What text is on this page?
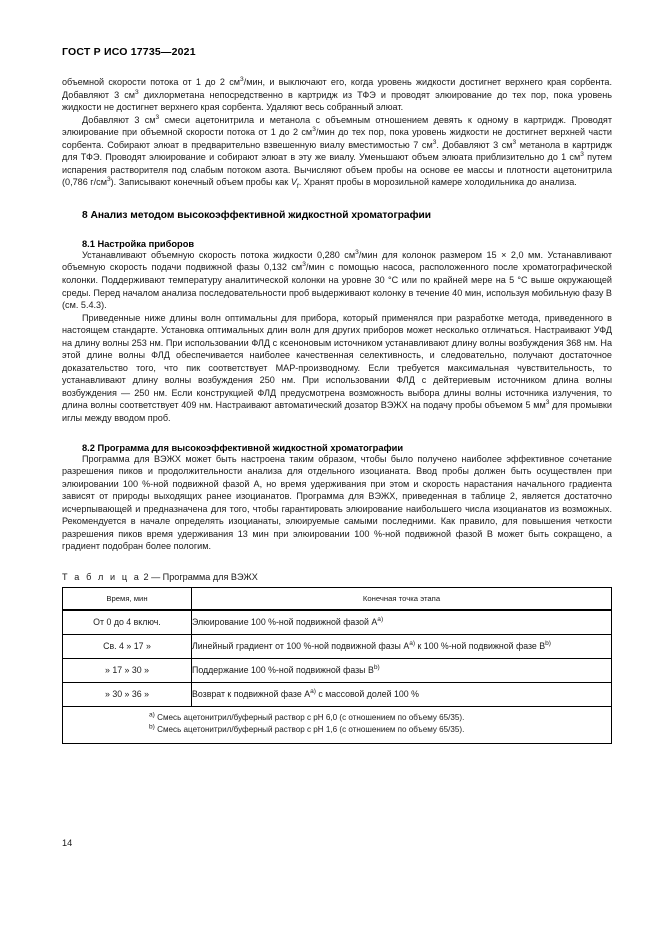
ГОСТ Р ИСО 17735—2021

объемной скорости потока от 1 до 2 $см^3$/мин, и выключают его, когда уровень жидкости достигнет верхнего края сорбента. Добавляют 3 $см^3$ дихлорметана непосредственно в картридж из ТФЭ и проводят элюирование до тех пор, пока уровень жидкости не достигнет верхнего края сорбента. Удаляют весь собранный элюат.

Добавляют 3 $см^3$ смеси ацетонитрила и метанола с объемным отношением девять к одному в картридж. Проводят элюирование при объемной скорости потока от 1 до 2 $см^3$/мин до тех пор, пока уровень жидкости не достигнет верхней части сорбента. Собирают элюат в предварительно взвешенную виалу вместимостью 7 $см^3$. Добавляют 3 $см^3$ метанола в картридж для ТФЭ. Проводят элюирование и собирают элюат в эту же виалу. Уменьшают объем элюата приблизительно до 1 $см^3$ путем испарения растворителя под слабым потоком азота. Вычисляют объем пробы на основе ее массы и плотности ацетонитрила (0,786 $г/см^3$). Записывают конечный объем пробы как $V_f$. Хранят пробы в морозильной камере холодильника до анализа.

8 Анализ методом высокоэффективной жидкостной хроматографии
8.1 Настройка приборов

Устанавливают объемную скорость потока жидкости 0,280 $см^3$/мин для колонок размером 15 × 2,0 мм. Устанавливают объемную скорость подачи подвижной фазы 0,132 $см^3$/мин с помощью насоса, расположенного после хроматографической колонки. Поддерживают температуру аналитической колонки на уровне 30 °С или по крайней мере на 5 °С выше окружающей среды. Перед началом анализа последовательности проб выдерживают колонку в течение 40 мин, используя мобильную фазу В (см. 5.4.3).

Приведенные ниже длины волн оптимальны для прибора, который применялся при разработке метода, приведенного в настоящем стандарте. Установка оптимальных длин волн для других приборов может несколько отличаться. Настраивают УФД на длину волны 253 нм. При использовании ФЛД с ксеноновым источником устанавливают длину волны возбуждения 368 нм. На этой длине волны ФЛД обеспечивается наиболее качественная селективность, и следовательно, получают достаточное доказательство того, что пик соответствует МАР-производному. Если требуется максимальная чувствительность, то устанавливают длину волны возбуждения 250 нм. При использовании ФЛД с дейтериевым источником длина волны возбуждения — 250 нм. Если конструкцией ФЛД предусмотрена возможность выбора длины волны источника излучения, то длина волны соответствует 409 нм. Настраивают автоматический дозатор ВЭЖХ на подачу пробы объемом 5 $мм^3$ для промывки иглы между вводом проб.

8.2 Программа для высокоэффективной жидкостной хроматографии

Программа для ВЭЖХ может быть настроена таким образом, чтобы было получено наиболее эффективное сочетание разрешения пиков и продолжительности анализа для отдельного изоцианата. Ввод пробы должен быть осуществлен при элюировании 100 %-ной подвижной фазой А, но время удерживания при этом и скорость нарастания начального градиента зависят от природы выходящих ранее изоцианатов. Программа для ВЭЖХ, приведенная в таблице 2, является достаточно исчерпывающей и предназначена для того, чтобы гарантировать элюирование наибольшего числа изоцианатов из возможных. Рекомендуется в начале определять изоцианаты, элюируемые самыми последними. Как правило, для повышения четкости разрешения пиков время удерживания 13 мин при элюировании 100 %-ной подвижной фазой В может быть сокращено, а градиент подобран более пологим.

Т а б л и ц а 2 — Программа для ВЭЖХ
Время, мин	Конечная точка этапа
От 0 до 4 включ.	Элюирование 100 %-ной подвижной фазой $А^{a)}$
Св. 4 » 17 »	Линейный градиент от 100 %-ной подвижной фазы $А^{a)}$ к 100 %-ной подвижной фазе $В^{b)}$
» 17 » 30 »	Поддержание 100 %-ной подвижной фазы $В^{b)}$
» 30 » 36 »	Возврат к подвижной фазе $А^{a)}$ с массовой долей 100 %

$^{a)}$ Смесь ацетонитрил/буферный раствор с рН 6,0 (с отношением по объему 65/35).
$^{b)}$ Смесь ацетонитрил/буферный раствор с рН 1,6 (с отношением по объему 65/35).	
14
